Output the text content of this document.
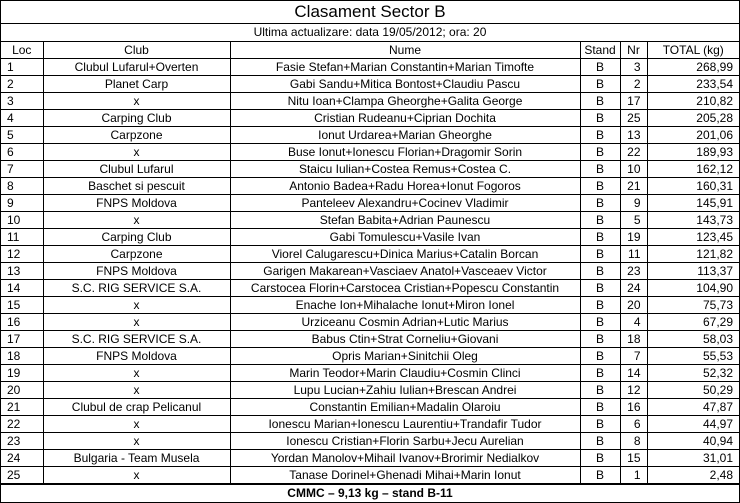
Clasament Sector B
Ultima actualizare: data 19/05/2012; ora: 20
Loc	Club	Nume	Stand	Nr	TOTAL (kg)
1	Clubul Lufarul+Overten	Fasie Stefan+Marian Constantin+Marian Timofte	B	3	268,99
2	Planet Carp	Gabi Sandu+Mitica Bontost+Claudiu Pascu	B	2	233,54
3	x	Nitu Ioan+Clampa Gheorghe+Galita George	B	17	210,82
4	Carping Club	Cristian Rudeanu+Ciprian Dochita	B	25	205,28
5	Carpzone	Ionut Urdarea+Marian Gheorghe	B	13	201,06
6	x	Buse Ionut+Ionescu Florian+Dragomir Sorin	B	22	189,93
7	Clubul Lufarul	Staicu Iulian+Costea Remus+Costea C.	B	10	162,12
8	Baschet si pescuit	Antonio Badea+Radu Horea+Ionut Fogoros	B	21	160,31
9	FNPS Moldova	Panteleev Alexandru+Cocinev Vladimir	B	9	145,91
10	x	Stefan Babita+Adrian Paunescu	B	5	143,73
11	Carping Club	Gabi Tomulescu+Vasile Ivan	B	19	123,45
12	Carpzone	Viorel Calugarescu+Dinica Marius+Catalin Borcan	B	11	121,82
13	FNPS Moldova	Garigen Makarean+Vasciaev Anatol+Vasceaev Victor	B	23	113,37
14	S.C. RIG SERVICE S.A.	Carstocea Florin+Carstocea Cristian+Popescu Constantin	B	24	104,90
15	x	Enache Ion+Mihalache Ionut+Miron Ionel	B	20	75,73
16	x	Urziceanu Cosmin Adrian+Lutic Marius	B	4	67,29
17	S.C. RIG SERVICE S.A.	Babus Ctin+Strat Corneliu+Giovani	B	18	58,03
18	FNPS Moldova	Opris Marian+Sinitchii Oleg	B	7	55,53
19	x	Marin Teodor+Marin Claudiu+Cosmin Clinci	B	14	52,32
20	x	Lupu Lucian+Zahiu Iulian+Brescan Andrei	B	12	50,29
21	Clubul de crap Pelicanul	Constantin Emilian+Madalin Olaroiu	B	16	47,87
22	x	Ionescu Marian+Ionescu Laurentiu+Trandafir Tudor	B	6	44,97
23	x	Ionescu Cristian+Florin Sarbu+Jecu Aurelian	B	8	40,94
24	Bulgaria - Team Musela	Yordan Manolov+Mihail Ivanov+Brorimir Nedialkov	B	15	31,01
25	x	Tanase Dorinel+Ghenadi Mihai+Marin Ionut	B	1	2,48
CMMC – 9,13 kg – stand B-11
